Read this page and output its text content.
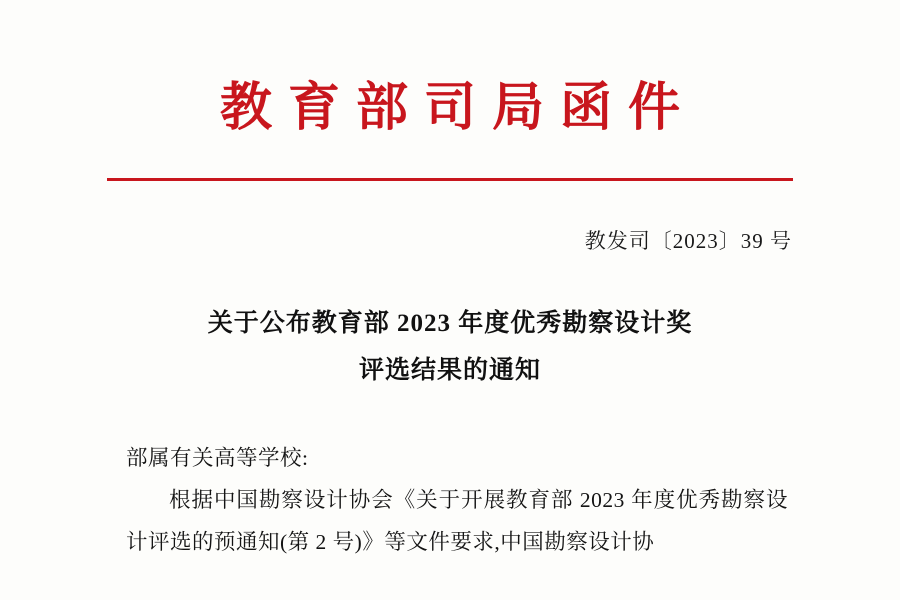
教育部司局函件
教发司〔2023〕39 号
关于公布教育部 2023 年度优秀勘察设计奖
评选结果的通知
部属有关高等学校:
根据中国勘察设计协会《关于开展教育部 2023 年度优秀勘察设计评选的预通知(第 2 号)》等文件要求,中国勘察设计协
